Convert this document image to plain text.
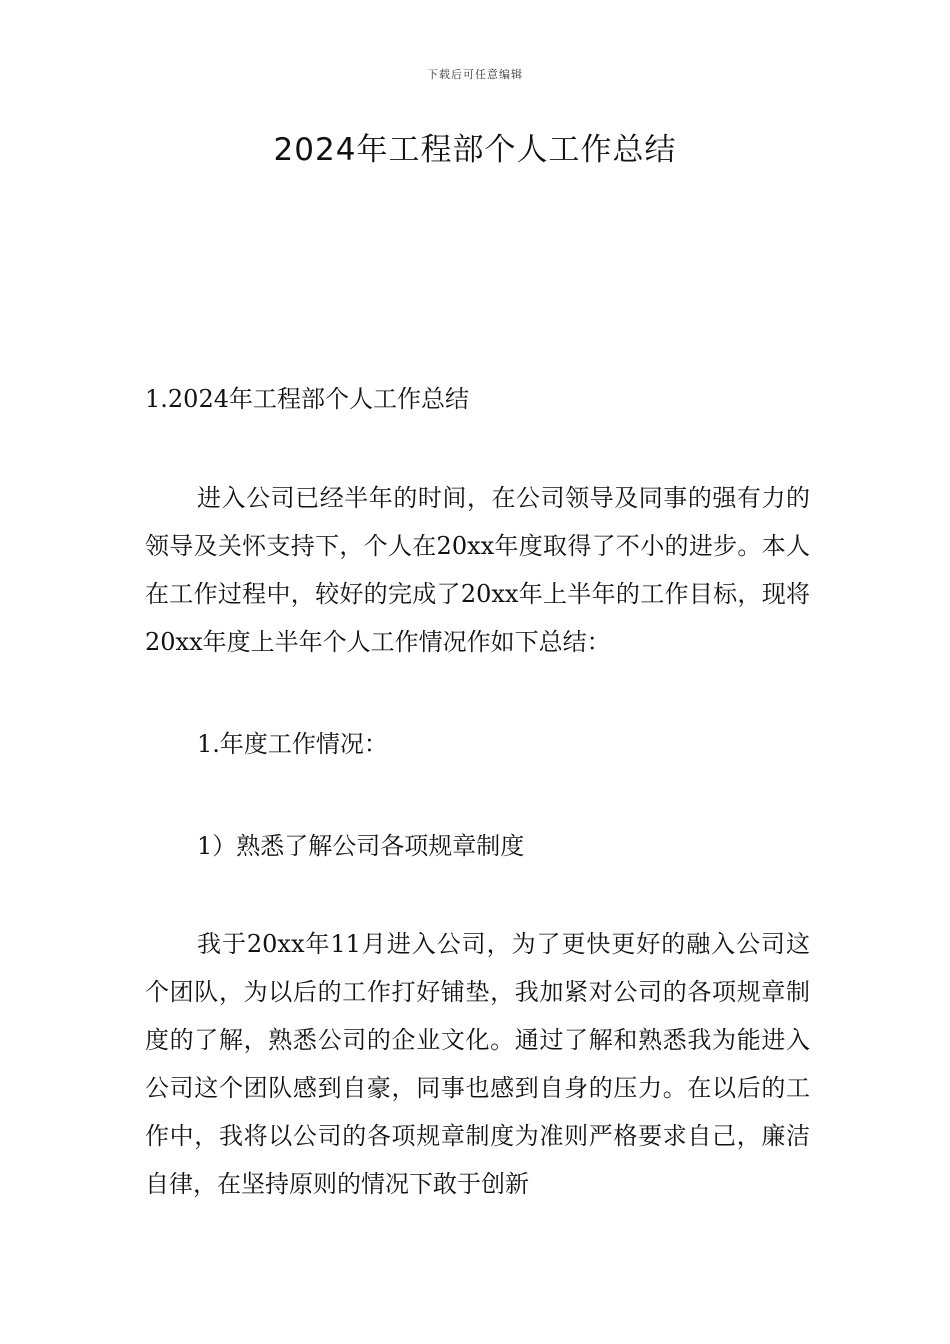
下载后可任意编辑
2024年工程部个人工作总结

1.2024年工程部个人工作总结

进入公司已经半年的时间，在公司领导及同事的强有力的领导及关怀支持下，个人在20xx年度取得了不小的进步。本人在工作过程中，较好的完成了20xx年上半年的工作目标，现将20xx年度上半年个人工作情况作如下总结：

1.年度工作情况：

1）熟悉了解公司各项规章制度

我于20xx年11月进入公司，为了更快更好的融入公司这个团队，为以后的工作打好铺垫，我加紧对公司的各项规章制度的了解，熟悉公司的企业文化。通过了解和熟悉我为能进入公司这个团队感到自豪，同事也感到自身的压力。在以后的工作中，我将以公司的各项规章制度为准则严格要求自己，廉洁自律，在坚持原则的情况下敢于创新
